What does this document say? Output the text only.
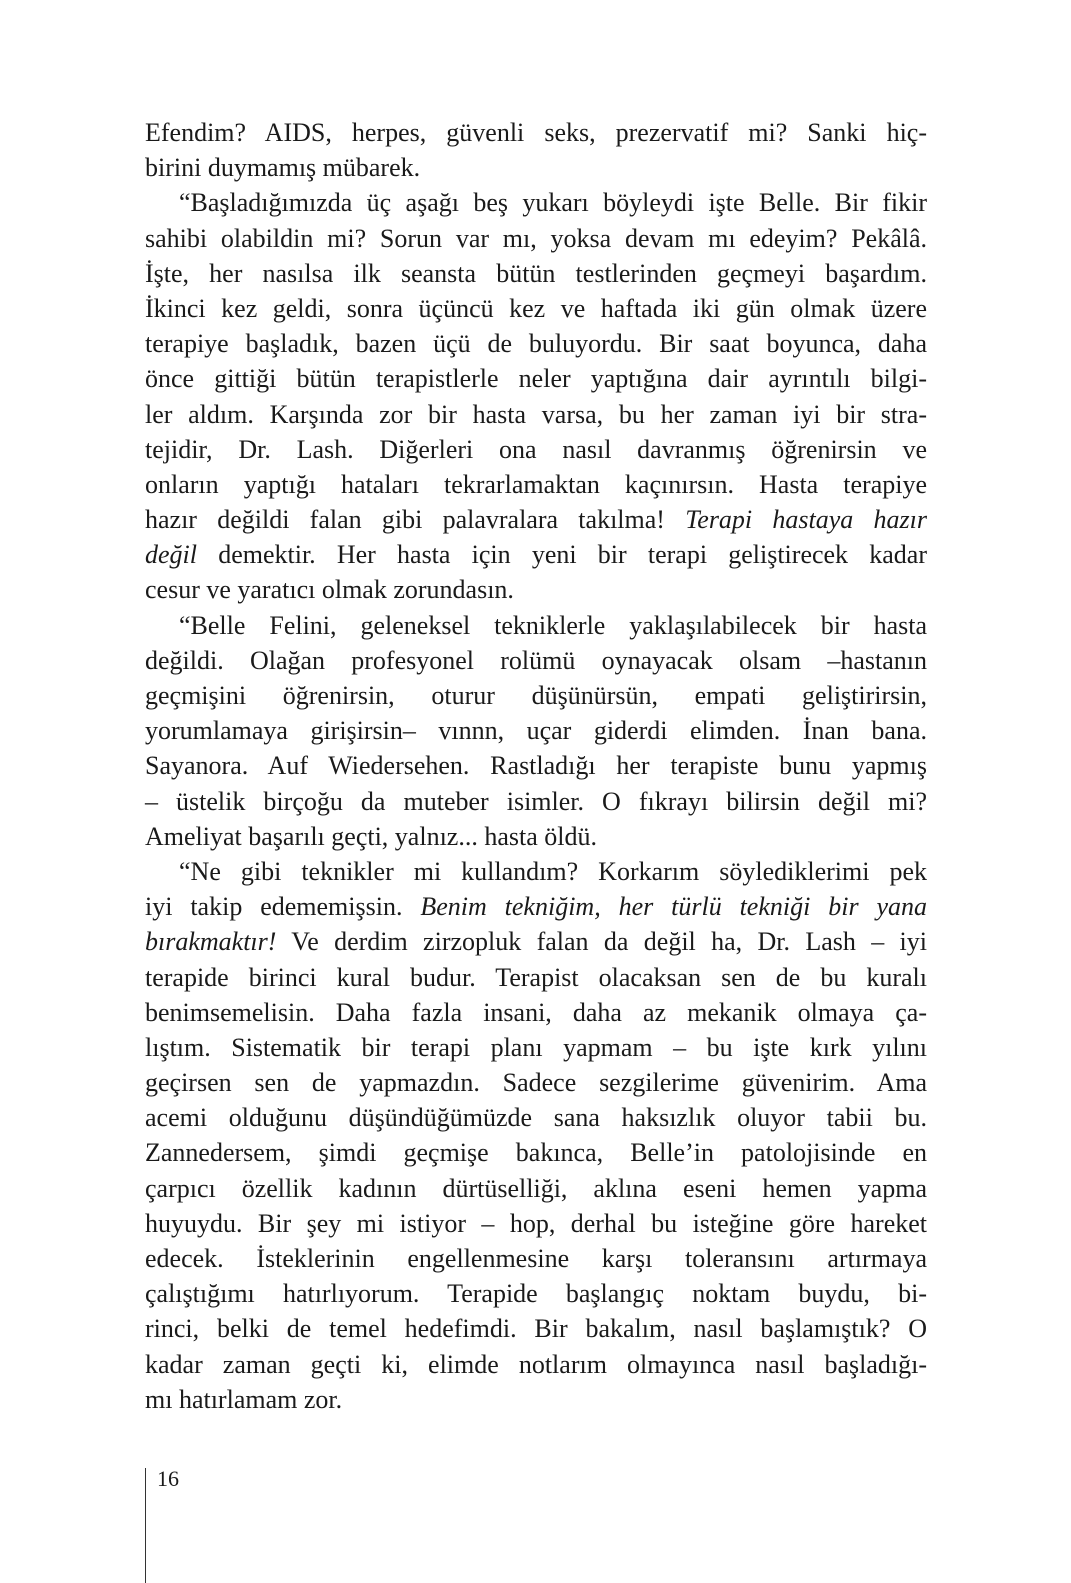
Efendim? AIDS, herpes, güvenli seks, prezervatif mi? Sanki hiç-
birini duymamış mübarek.
“Başladığımızda üç aşağı beş yukarı böyleydi işte Belle. Bir fikir
sahibi olabildin mi? Sorun var mı, yoksa devam mı edeyim? Pekâlâ.
İşte, her nasılsa ilk seansta bütün testlerinden geçmeyi başardım.
İkinci kez geldi, sonra üçüncü kez ve haftada iki gün olmak üzere
terapiye başladık, bazen üçü de buluyordu. Bir saat boyunca, daha
önce gittiği bütün terapistlerle neler yaptığına dair ayrıntılı bilgi-
ler aldım. Karşında zor bir hasta varsa, bu her zaman iyi bir stra-
tejidir, Dr. Lash. Diğerleri ona nasıl davranmış öğrenirsin ve
onların yaptığı hataları tekrarlamaktan kaçınırsın. Hasta terapiye
hazır değildi falan gibi palavralara takılma! Terapi hastaya hazır
değil demektir. Her hasta için yeni bir terapi geliştirecek kadar
cesur ve yaratıcı olmak zorundasın.
“Belle Felini, geleneksel tekniklerle yaklaşılabilecek bir hasta
değildi. Olağan profesyonel rolümü oynayacak olsam –hastanın
geçmişini öğrenirsin, oturur düşünürsün, empati geliştirirsin,
yorumlamaya girişirsin– vınnn, uçar giderdi elimden. İnan bana.
Sayanora. Auf Wiedersehen. Rastladığı her terapiste bunu yapmış
– üstelik birçoğu da muteber isimler. O fıkrayı bilirsin değil mi?
Ameliyat başarılı geçti, yalnız... hasta öldü.
“Ne gibi teknikler mi kullandım? Korkarım söylediklerimi pek
iyi takip edememişsin. Benim tekniğim, her türlü tekniği bir yana
bırakmaktır! Ve derdim zirzopluk falan da değil ha, Dr. Lash – iyi
terapide birinci kural budur. Terapist olacaksan sen de bu kuralı
benimsemelisin. Daha fazla insani, daha az mekanik olmaya ça-
lıştım. Sistematik bir terapi planı yapmam – bu işte kırk yılını
geçirsen sen de yapmazdın. Sadece sezgilerime güvenirim. Ama
acemi olduğunu düşündüğümüzde sana haksızlık oluyor tabii bu.
Zannedersem, şimdi geçmişe bakınca, Belle’in patolojisinde en
çarpıcı özellik kadının dürtüselliği, aklına eseni hemen yapma
huyuydu. Bir şey mi istiyor – hop, derhal bu isteğine göre hareket
edecek. İsteklerinin engellenmesine karşı toleransını artırmaya
çalıştığımı hatırlıyorum. Terapide başlangıç noktam buydu, bi-
rinci, belki de temel hedefimdi. Bir bakalım, nasıl başlamıştık? O
kadar zaman geçti ki, elimde notlarım olmayınca nasıl başladığı-
mı hatırlamam zor.
16
